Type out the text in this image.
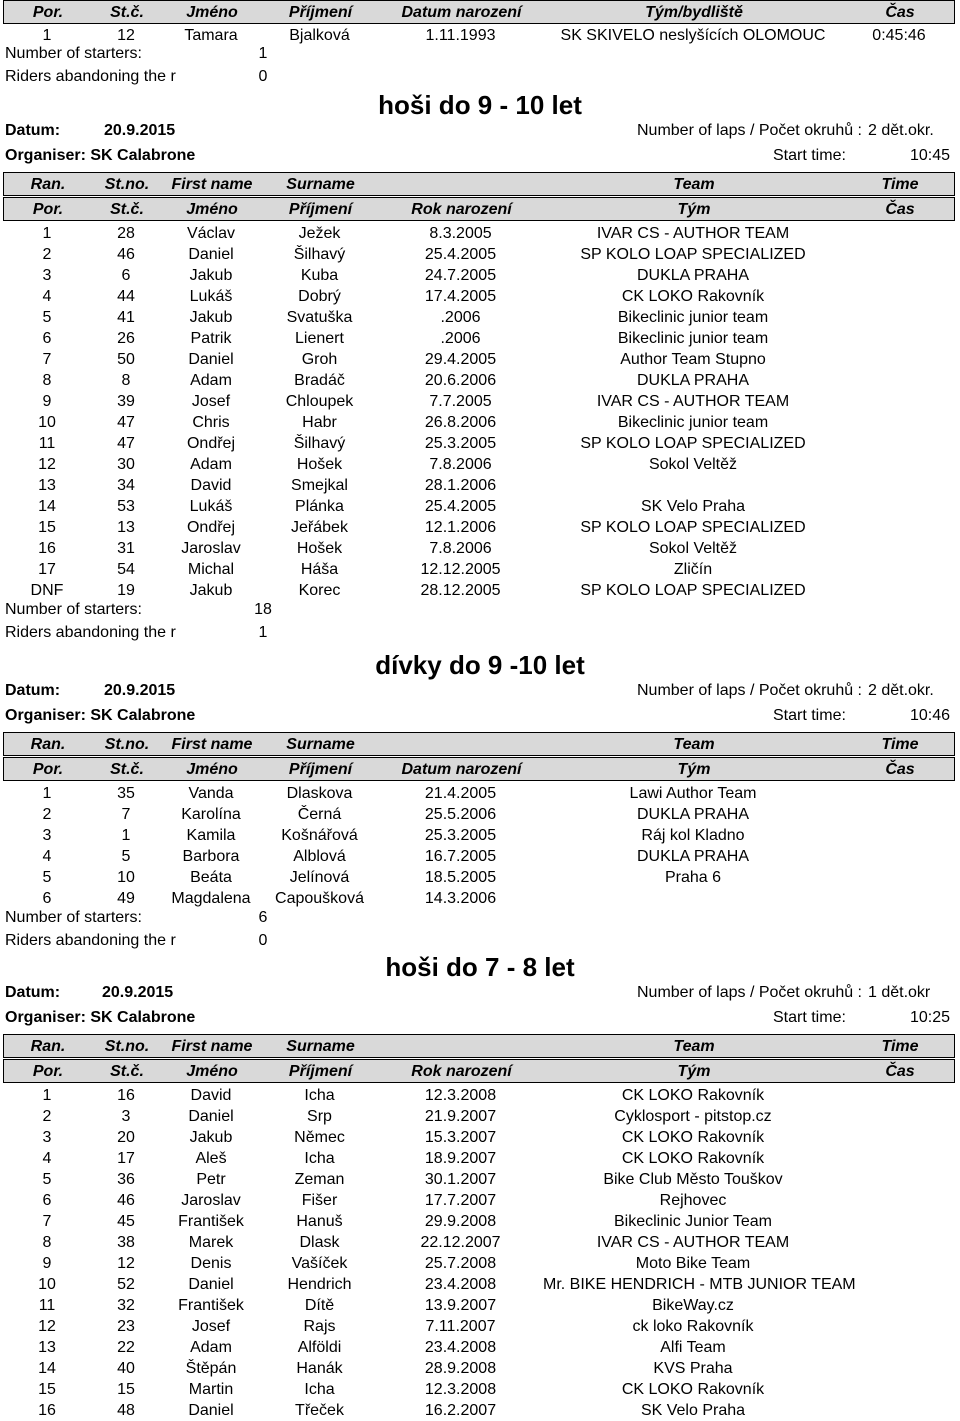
Por.	St.č.	Jméno	Příjmení	Datum narození	Tým/bydliště	Čas
1	12	Tamara	Bjalková	1.11.1993	SK SKIVELO neslyšících OLOMOUC	0:45:46
Number of starters:	1
Riders abandoning the r	0
hoši do 9 - 10 let
Datum:	20.9.2015	Number of laps / Počet okruhů : 2 dět.okr.
Organiser: SK Calabrone	Start time:	10:45
Ran.	St.no.	First name	Surname	Team	Time
Por.	St.č.	Jméno	Příjmení	Rok narození	Tým	Čas
1	28	Václav	Ježek	8.3.2005	IVAR CS - AUTHOR TEAM
2	46	Daniel	Šilhavý	25.4.2005	SP KOLO LOAP SPECIALIZED
3	6	Jakub	Kuba	24.7.2005	DUKLA PRAHA
4	44	Lukáš	Dobrý	17.4.2005	CK LOKO Rakovník
5	41	Jakub	Svatuška	.2006	Bikeclinic junior team
6	26	Patrik	Lienert	.2006	Bikeclinic junior team
7	50	Daniel	Groh	29.4.2005	Author Team Stupno
8	8	Adam	Bradáč	20.6.2006	DUKLA PRAHA
9	39	Josef	Chloupek	7.7.2005	IVAR CS - AUTHOR TEAM
10	47	Chris	Habr	26.8.2006	Bikeclinic junior team
11	47	Ondřej	Šilhavý	25.3.2005	SP KOLO LOAP SPECIALIZED
12	30	Adam	Hošek	7.8.2006	Sokol Veltěž
13	34	David	Smejkal	28.1.2006
14	53	Lukáš	Plánka	25.4.2005	SK Velo Praha
15	13	Ondřej	Jeřábek	12.1.2006	SP KOLO LOAP SPECIALIZED
16	31	Jaroslav	Hošek	7.8.2006	Sokol Veltěž
17	54	Michal	Háša	12.12.2005	Zličín
DNF	19	Jakub	Korec	28.12.2005	SP KOLO LOAP SPECIALIZED
Number of starters:	18
Riders abandoning the r	1
dívky do 9 -10 let
Datum:	20.9.2015	Number of laps / Počet okruhů : 2 dět.okr.
Organiser: SK Calabrone	Start time:	10:46
Ran.	St.no.	First name	Surname	Team	Time
Por.	St.č.	Jméno	Příjmení	Datum narození	Tým	Čas
1	35	Vanda	Dlaskova	21.4.2005	Lawi Author Team
2	7	Karolína	Černá	25.5.2006	DUKLA PRAHA
3	1	Kamila	Košnářová	25.3.2005	Ráj kol Kladno
4	5	Barbora	Alblová	16.7.2005	DUKLA PRAHA
5	10	Beáta	Jelínová	18.5.2005	Praha 6
6	49	Magdalena	Capoušková	14.3.2006
Number of starters:	6
Riders abandoning the r	0
hoši do 7 - 8 let
Datum:	20.9.2015	Number of laps / Počet okruhů : 1 dět.okr
Organiser: SK Calabrone	Start time:	10:25
Ran.	St.no.	First name	Surname	Team	Time
Por.	St.č.	Jméno	Příjmení	Rok narození	Tým	Čas
1	16	David	Icha	12.3.2008	CK LOKO Rakovník
2	3	Daniel	Srp	21.9.2007	Cyklosport - pitstop.cz
3	20	Jakub	Němec	15.3.2007	CK LOKO Rakovník
4	17	Aleš	Icha	18.9.2007	CK LOKO Rakovník
5	36	Petr	Zeman	30.1.2007	Bike Club Město Touškov
6	46	Jaroslav	Fišer	17.7.2007	Rejhovec
7	45	František	Hanuš	29.9.2008	Bikeclinic Junior Team
8	38	Marek	Dlask	22.12.2007	IVAR CS - AUTHOR TEAM
9	12	Denis	Vašíček	25.7.2008	Moto Bike Team
10	52	Daniel	Hendrich	23.4.2008	Mr. BIKE HENDRICH - MTB JUNIOR TEAM
11	32	František	Dítě	13.9.2007	BikeWay.cz
12	23	Josef	Rajs	7.11.2007	ck loko Rakovník
13	22	Adam	Alföldi	23.4.2008	Alfi Team
14	40	Štěpán	Hanák	28.9.2008	KVS Praha
15	15	Martin	Icha	12.3.2008	CK LOKO Rakovník
16	48	Daniel	Třeček	16.2.2007	SK Velo Praha
